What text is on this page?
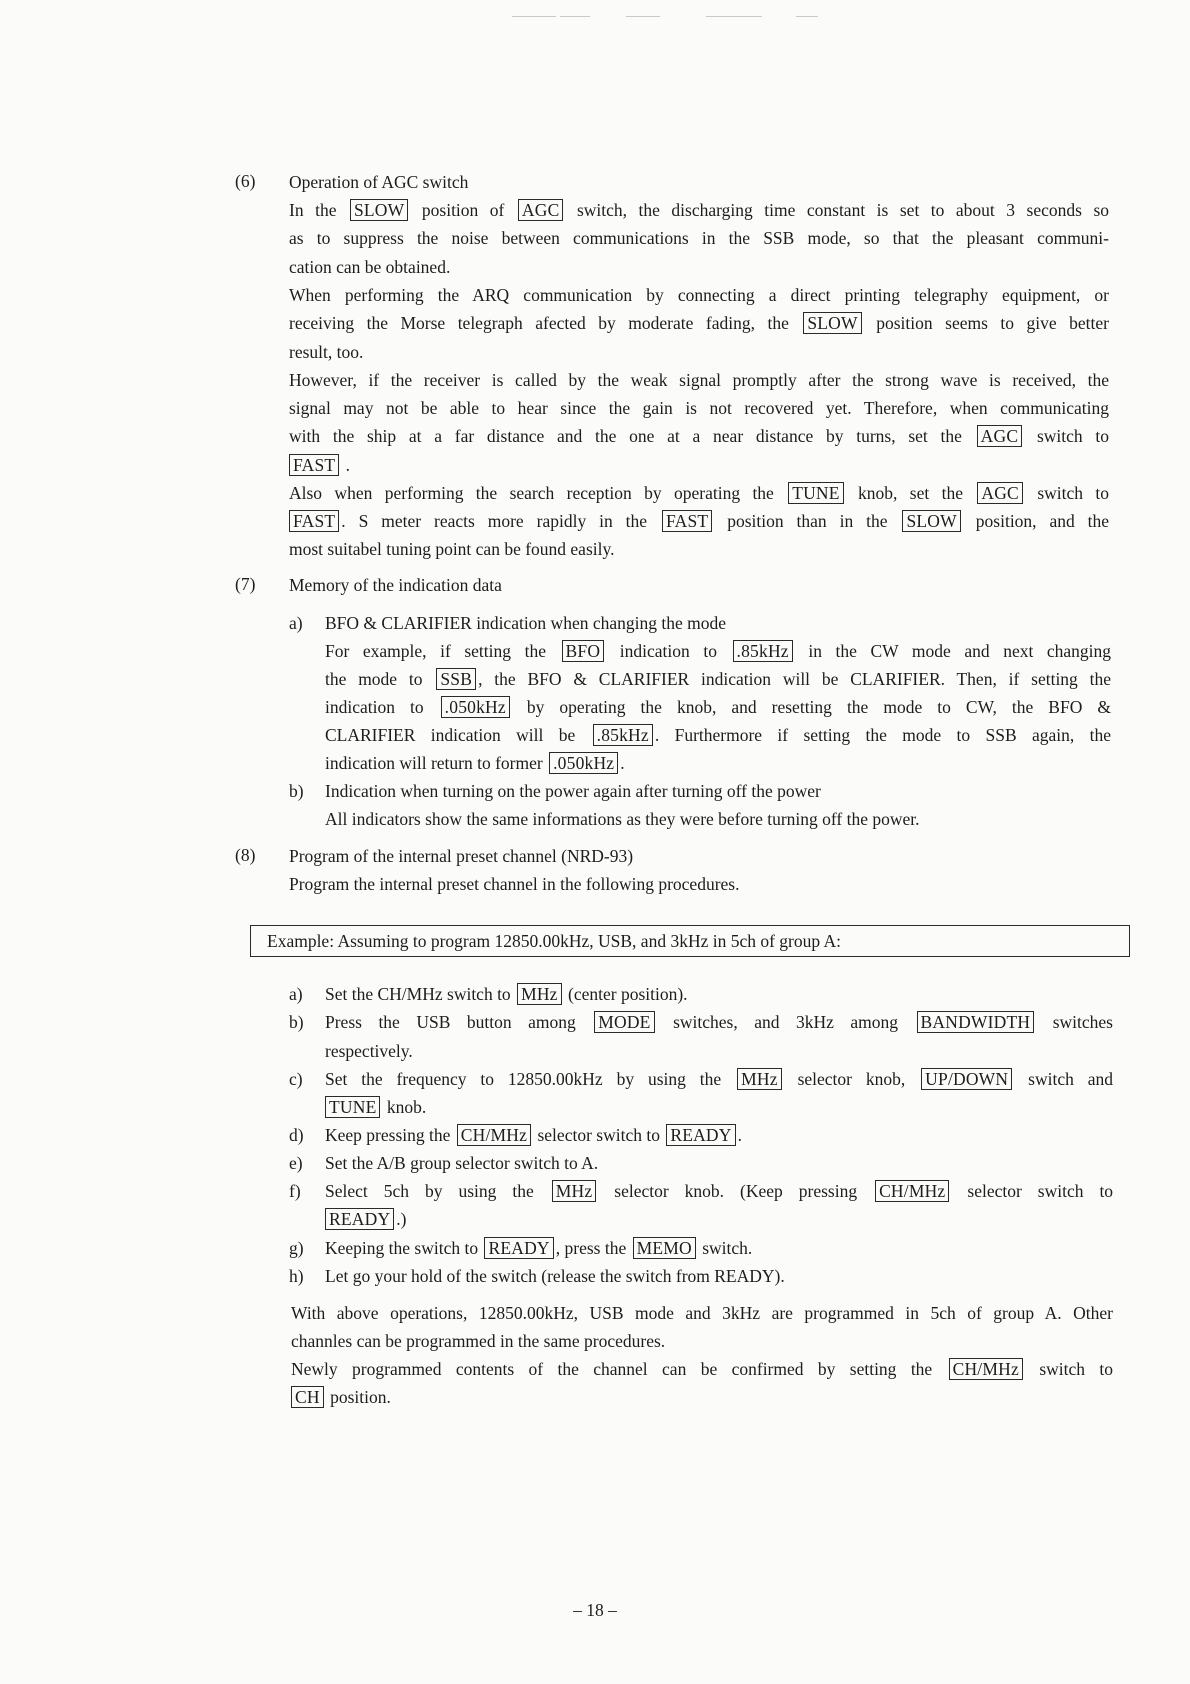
(6)	Operation of AGC switch
In the SLOW position of AGC switch, the discharging time constant is set to about 3 seconds so
as to suppress the noise between communications in the SSB mode, so that the pleasant communi-
cation can be obtained.
When performing the ARQ communication by connecting a direct printing telegraphy equipment, or
receiving the Morse telegraph afected by moderate fading, the SLOW position seems to give better
result, too.
However, if the receiver is called by the weak signal promptly after the strong wave is received, the
signal may not be able to hear since the gain is not recovered yet. Therefore, when communicating
with the ship at a far distance and the one at a near distance by turns, set the AGC switch to
FAST .
Also when performing the search reception by operating the TUNE knob, set the AGC switch to
FAST . S meter reacts more rapidly in the FAST position than in the SLOW position, and the
most suitabel tuning point can be found easily.
(7)	Memory of the indication data
a)	BFO & CLARIFIER indication when changing the mode
For example, if setting the BFO indication to .85kHz in the CW mode and next changing
the mode to SSB , the BFO & CLARIFIER indication will be CLARIFIER. Then, if setting the
indication to .050kHz by operating the knob, and resetting the mode to CW, the BFO &
CLARIFIER indication will be .85kHz . Furthermore if setting the mode to SSB again, the
indication will return to former .050kHz .
b)	Indication when turning on the power again after turning off the power
All indicators show the same informations as they were before turning off the power.
(8)	Program of the internal preset channel (NRD-93)
Program the internal preset channel in the following procedures.
Example: Assuming to program 12850.00kHz, USB, and 3kHz in 5ch of group A:
a)	Set the CH/MHz switch to MHz (center position).
b)	Press the USB button among MODE switches, and 3kHz among BANDWIDTH switches
respectively.
c)	Set the frequency to 12850.00kHz by using the MHz selector knob, UP/DOWN switch and
TUNE knob.
d)	Keep pressing the CH/MHz selector switch to READY .
e)	Set the A/B group selector switch to A.
f)	Select 5ch by using the MHz selector knob. (Keep pressing CH/MHz selector switch to
READY .)
g)	Keeping the switch to READY , press the MEMO switch.
h)	Let go your hold of the switch (release the switch from READY).
With above operations, 12850.00kHz, USB mode and 3kHz are programmed in 5ch of group A. Other
channles can be programmed in the same procedures.
Newly programmed contents of the channel can be confirmed by setting the CH/MHz switch to
CH position.
– 18 –
